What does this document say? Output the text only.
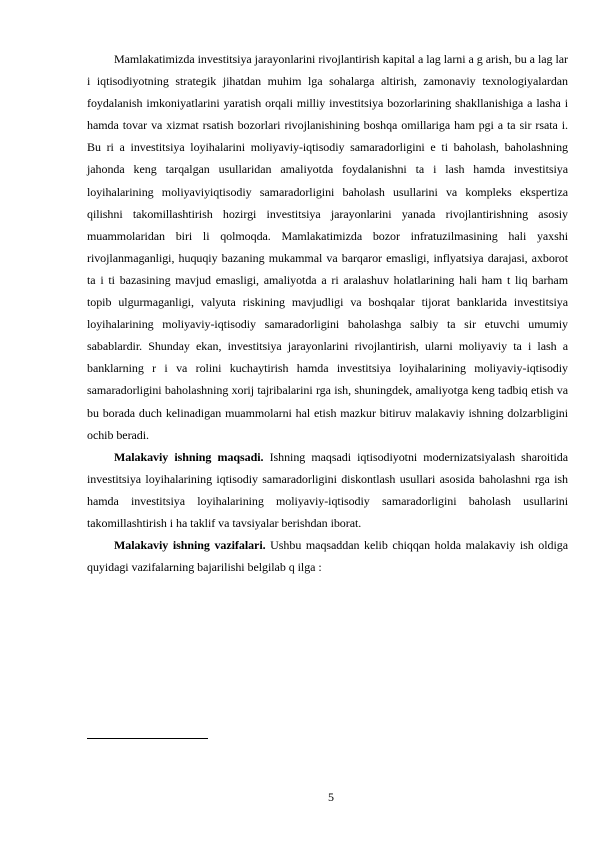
Mamlakatimizda investitsiya jarayonlarini rivojlantirish kapital a lag larni a g arish, bu a lag lar i iqtisodiyotning strategik jihatdan muhim lga sohalarga altirish, zamonaviy texnologiyalardan foydalanish imkoniyatlarini yaratish orqali milliy investitsiya bozorlarining shakllanishiga a lasha i hamda tovar va xizmat rsatish bozorlari rivojlanishining boshqa omillariga ham pgi a ta sir rsata i. Bu ri a investitsiya loyihalarini moliyaviy-iqtisodiy samaradorligini e ti baholash, baholashning jahonda keng tarqalgan usullaridan amaliyotda foydalanishni ta i lash hamda investitsiya loyihalarining moliyaviyiqtisodiy samaradorligini baholash usullarini va kompleks ekspertiza qilishni takomillashtirish hozirgi investitsiya jarayonlarini yanada rivojlantirishning asosiy muammolaridan biri li qolmoqda. Mamlakatimizda bozor infratuzilmasining hali yaxshi rivojlanmaganligi, huquqiy bazaning mukammal va barqaror emasligi, inflyatsiya darajasi, axborot ta i ti bazasining mavjud emasligi, amaliyotda a ri aralashuv holatlarining hali ham t liq barham topib ulgurmaganligi, valyuta riskining mavjudligi va boshqalar tijorat banklarida investitsiya loyihalarining moliyaviy-iqtisodiy samaradorligini baholashga salbiy ta sir etuvchi umumiy sabablardir. Shunday ekan, investitsiya jarayonlarini rivojlantirish, ularni moliyaviy ta i lash a banklarning r i va rolini kuchaytirish hamda investitsiya loyihalarining moliyaviy-iqtisodiy samaradorligini baholashning xorij tajribalarini rga ish, shuningdek, amaliyotga keng tadbiq etish va bu borada duch kelinadigan muammolarni hal etish mazkur bitiruv malakaviy ishning dolzarbligini ochib beradi.

Malakaviy ishning maqsadi. Ishning maqsadi iqtisodiyotni modernizatsiyalash sharoitida investitsiya loyihalarining iqtisodiy samaradorligini diskontlash usullari asosida baholashni rga ish hamda investitsiya loyihalarining moliyaviy-iqtisodiy samaradorligini baholash usullarini takomillashtirish i ha taklif va tavsiyalar berishdan iborat.

Malakaviy ishning vazifalari. Ushbu maqsaddan kelib chiqqan holda malakaviy ish oldiga quyidagi vazifalarning bajarilishi belgilab q ilga :

5
